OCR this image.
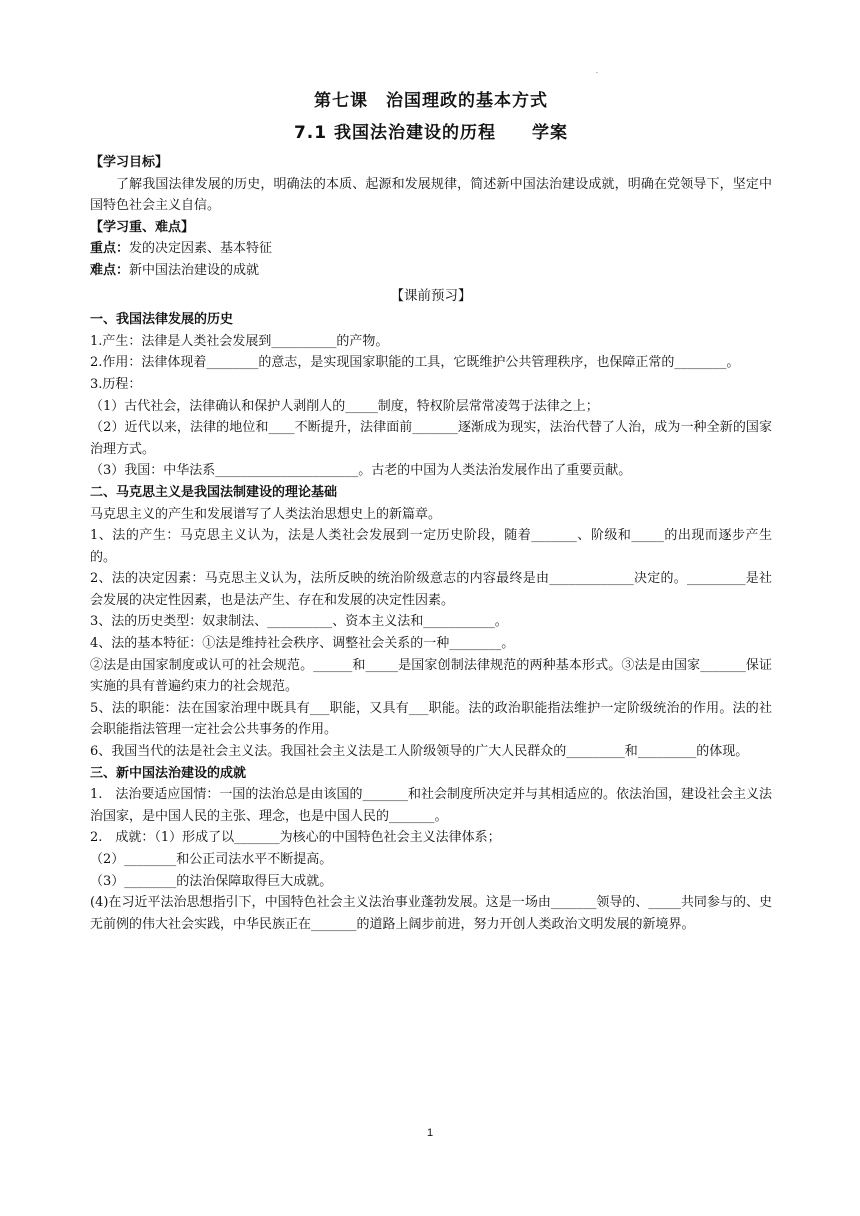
.
第七课　治国理政的基本方式
7.1 我国法治建设的历程　　学案

【学习目标】

了解我国法律发展的历史，明确法的本质、起源和发展规律，简述新中国法治建设成就，明确在党领导下，坚定中国特色社会主义自信。

【学习重、难点】

重点：发的决定因素、基本特征

难点：新中国法治建设的成就

【课前预习】

一、我国法律发展的历史

1.产生：法律是人类社会发展到__________的产物。

2.作用：法律体现着________的意志，是实现国家职能的工具，它既维护公共管理秩序，也保障正常的________。

3.历程：

（1）古代社会，法律确认和保护人剥削人的_____制度，特权阶层常常凌驾于法律之上；

（2）近代以来，法律的地位和____不断提升，法律面前_______逐渐成为现实，法治代替了人治，成为一种全新的国家治理方式。

（3）我国：中华法系______________________。古老的中国为人类法治发展作出了重要贡献。

二、马克思主义是我国法制建设的理论基础

马克思主义的产生和发展谱写了人类法治思想史上的新篇章。

1、法的产生：马克思主义认为，法是人类社会发展到一定历史阶段，随着_______、阶级和_____的出现而逐步产生的。

2、法的决定因素：马克思主义认为，法所反映的统治阶级意志的内容最终是由_____________决定的。_________是社会发展的决定性因素，也是法产生、存在和发展的决定性因素。

3、法的历史类型：奴隶制法、__________、资本主义法和___________。

4、法的基本特征：①法是维持社会秩序、调整社会关系的一种________。

②法是由国家制度或认可的社会规范。______和_____是国家创制法律规范的两种基本形式。③法是由国家_______保证实施的具有普遍约束力的社会规范。

5、法的职能：法在国家治理中既具有___职能，又具有___职能。法的政治职能指法维护一定阶级统治的作用。法的社会职能指法管理一定社会公共事务的作用。

6、我国当代的法是社会主义法。我国社会主义法是工人阶级领导的广大人民群众的_________和_________的体现。

三、新中国法治建设的成就

1.　法治要适应国情：一国的法治总是由该国的_______和社会制度所决定并与其相适应的。依法治国，建设社会主义法治国家，是中国人民的主张、理念，也是中国人民的_______。

2.　成就：（1）形成了以_______为核心的中国特色社会主义法律体系；

（2）________和公正司法水平不断提高。

（3）________的法治保障取得巨大成就。

(4)在习近平法治思想指引下，中国特色社会主义法治事业蓬勃发展。这是一场由_______领导的、_____共同参与的、史无前例的伟大社会实践，中华民族正在_______的道路上阔步前进，努力开创人类政治文明发展的新境界。

1
